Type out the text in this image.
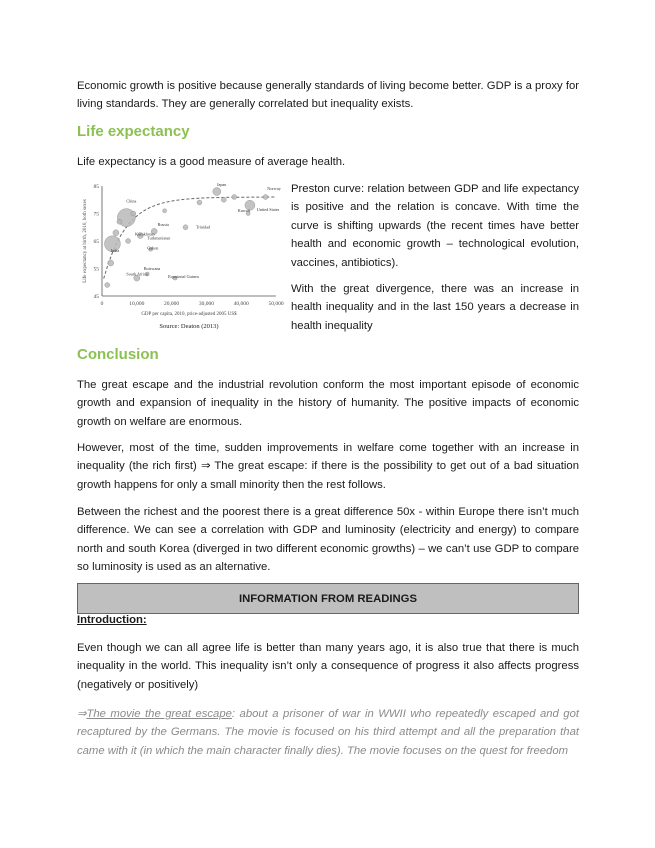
Economic growth is positive because generally standards of living become better. GDP is a proxy for living standards. They are generally correlated but inequality exists.

Life expectancy

Life expectancy is a good measure of average health.

0	10,000	20,000	30,000	40,000	50,000
45
55
65
75
85
China
India
Russia
Kazakhstan
Turkmenistan
Gabon
Botswana
South Africa
Equatorial Guinea
Japan
Norway
Kuwait United States
Trinidad
GDP per capita, 2010, price-adjusted 2005 US$
Life expectancy at birth, 2010, both sexes
Source: Deaton (2013)

Preston curve: relation between GDP and life expectancy is positive and the relation is concave. With time the curve is shifting upwards (the recent times have better health and economic growth – technological evolution, vaccines, antibiotics).

With the great divergence, there was an increase in health inequality and in the last 150 years a decrease in health inequality

Conclusion

The great escape and the industrial revolution conform the most important episode of economic growth and expansion of inequality in the history of humanity. The positive impacts of economic growth on welfare are enormous.

However, most of the time, sudden improvements in welfare come together with an increase in inequality (the rich first) ⇒ The great escape: if there is the possibility to get out of a bad situation growth happens for only a small minority then the rest follows.

Between the richest and the poorest there is a great difference 50x - within Europe there isn’t much difference. We can see a correlation with GDP and luminosity (electricity and energy) to compare north and south Korea (diverged in two different economic growths) – we can’t use GDP to compare so luminosity is used as an alternative.

INFORMATION FROM READINGS

Introduction:

Even though we can all agree life is better than many years ago, it is also true that there is much inequality in the world. This inequality isn’t only a consequence of progress it also affects progress (negatively or positively)

⇒The movie the great escape: about a prisoner of war in WWII who repeatedly escaped and got recaptured by the Germans. The movie is focused on his third attempt and all the preparation that came with it (in which the main character finally dies). The movie focuses on the quest for freedom
